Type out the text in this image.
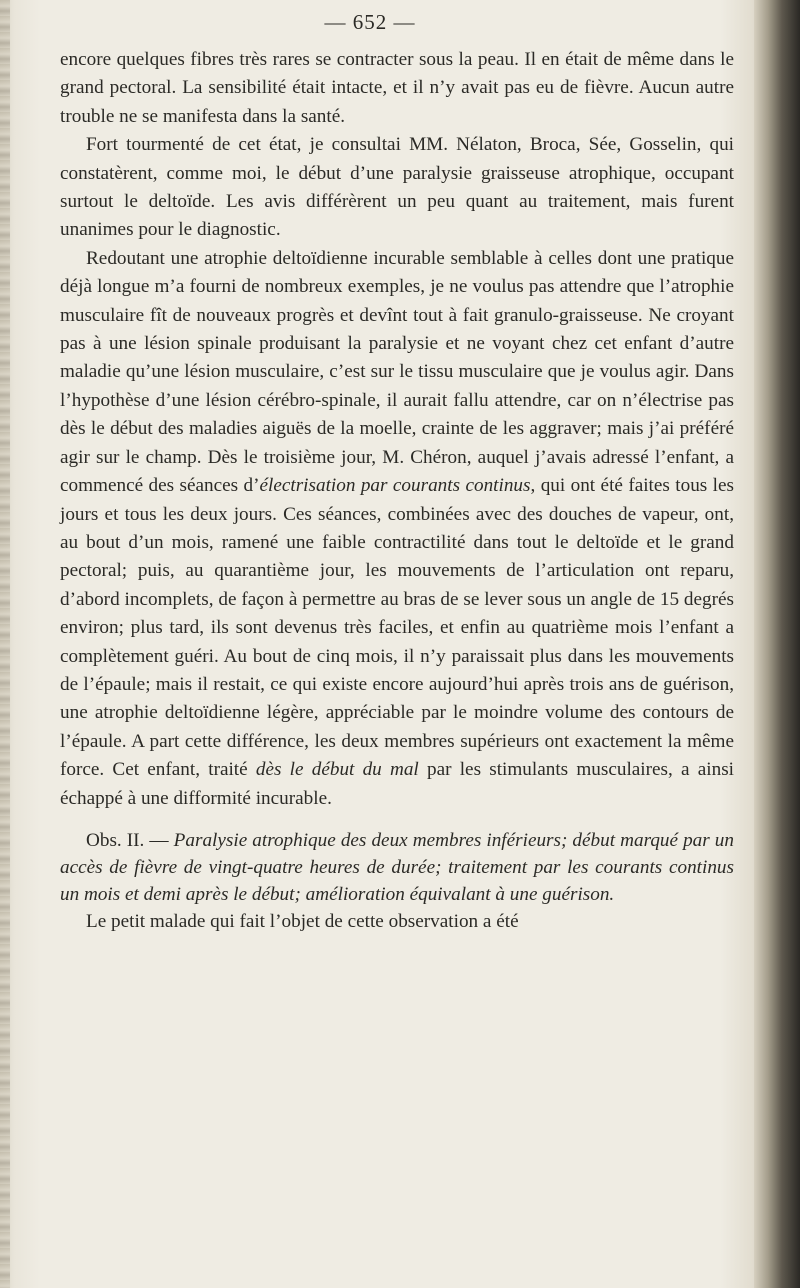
— 652 —

encore quelques fibres très rares se contracter sous la peau. Il en était de même dans le grand pectoral. La sensibilité était intacte, et il n’y avait pas eu de fièvre. Aucun autre trouble ne se manifesta dans la santé.

Fort tourmenté de cet état, je consultai MM. Nélaton, Broca, Sée, Gosselin, qui constatèrent, comme moi, le début d’une paralysie graisseuse atrophique, occupant surtout le deltoïde. Les avis différèrent un peu quant au traitement, mais furent unanimes pour le diagnostic.

Redoutant une atrophie deltoïdienne incurable semblable à celles dont une pratique déjà longue m’a fourni de nombreux exemples, je ne voulus pas attendre que l’atrophie musculaire fît de nouveaux progrès et devînt tout à fait granulo-graisseuse. Ne croyant pas à une lésion spinale produisant la paralysie et ne voyant chez cet enfant d’autre maladie qu’une lésion musculaire, c’est sur le tissu musculaire que je voulus agir. Dans l’hypothèse d’une lésion cérébro-spinale, il aurait fallu attendre, car on n’électrise pas dès le début des maladies aiguës de la moelle, crainte de les aggraver; mais j’ai préféré agir sur le champ. Dès le troisième jour, M. Chéron, auquel j’avais adressé l’enfant, a commencé des séances d’électrisation par courants continus, qui ont été faites tous les jours et tous les deux jours. Ces séances, combinées avec des douches de vapeur, ont, au bout d’un mois, ramené une faible contractilité dans tout le deltoïde et le grand pectoral; puis, au quarantième jour, les mouvements de l’articulation ont reparu, d’abord incomplets, de façon à permettre au bras de se lever sous un angle de 15 degrés environ; plus tard, ils sont devenus très faciles, et enfin au quatrième mois l’enfant a complètement guéri. Au bout de cinq mois, il n’y paraissait plus dans les mouvements de l’épaule; mais il restait, ce qui existe encore aujourd’hui après trois ans de guérison, une atrophie deltoïdienne légère, appréciable par le moindre volume des contours de l’épaule. A part cette différence, les deux membres supérieurs ont exactement la même force. Cet enfant, traité dès le début du mal par les stimulants musculaires, a ainsi échappé à une difformité incurable.

Obs. II. — Paralysie atrophique des deux membres inférieurs; début marqué par un accès de fièvre de vingt-quatre heures de durée; traitement par les courants continus un mois et demi après le début; amélioration équivalant à une guérison.

Le petit malade qui fait l’objet de cette observation a été
